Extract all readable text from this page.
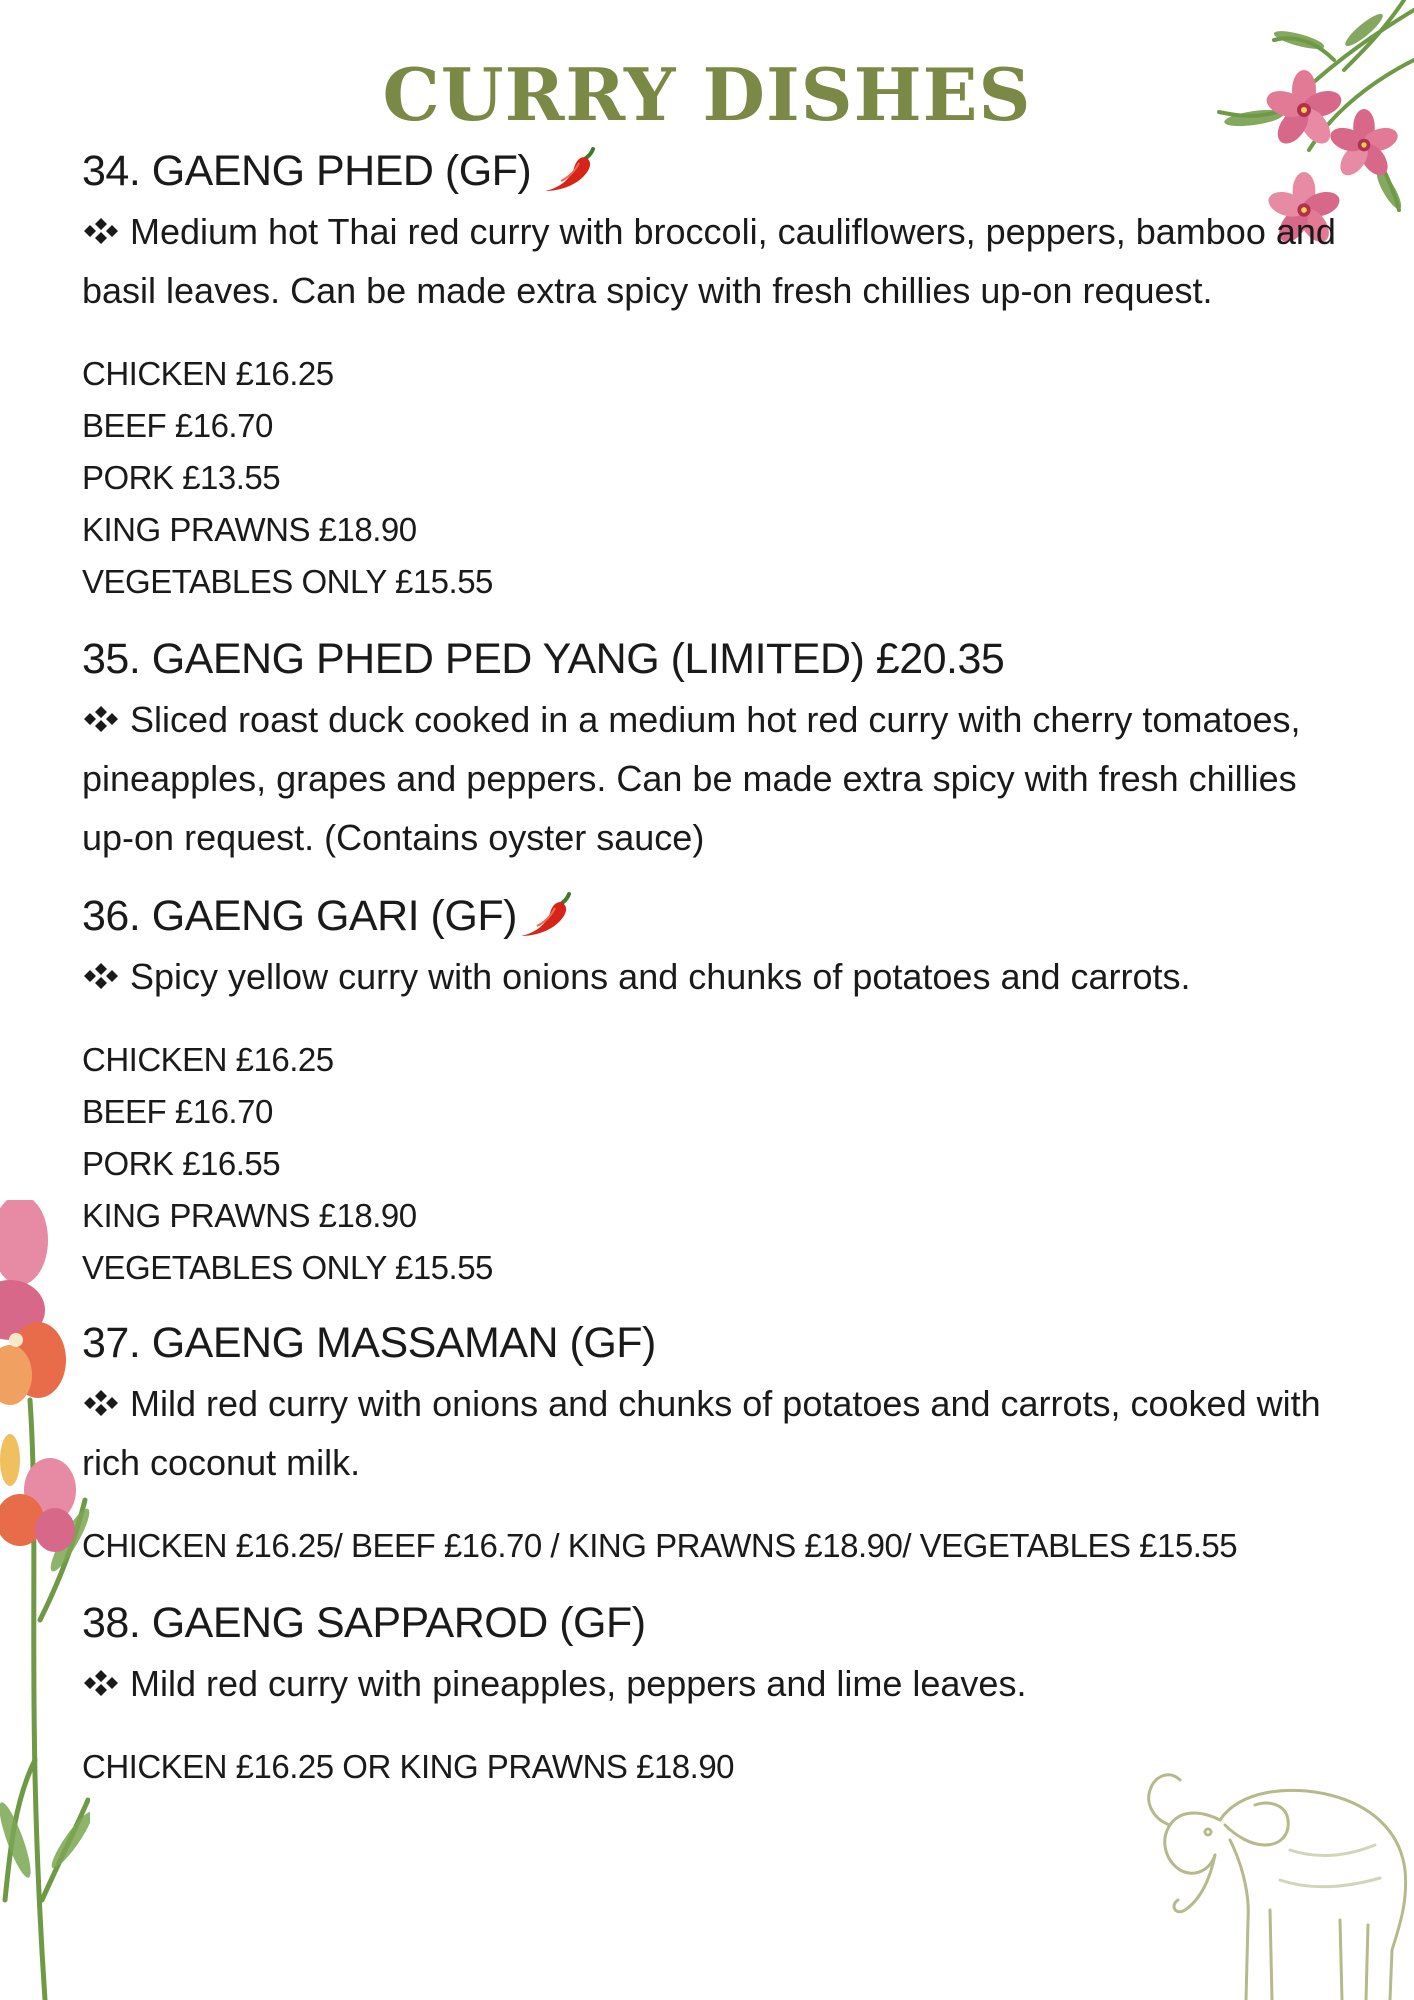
CURRY DISHES
34. GAENG PHED (GF)

Medium hot Thai red curry with broccoli, cauliflowers, peppers, bamboo and basil leaves. Can be made extra spicy with fresh chillies up-on request.

CHICKEN £16.25
BEEF £16.70
PORK £13.55
KING PRAWNS £18.90
VEGETABLES ONLY £15.55
35. GAENG PHED PED YANG (LIMITED) £20.35

Sliced roast duck cooked in a medium hot red curry with cherry tomatoes, pineapples, grapes and peppers. Can be made extra spicy with fresh chillies up-on request. (Contains oyster sauce)

36. GAENG GARI (GF)

Spicy yellow curry with onions and chunks of potatoes and carrots.

CHICKEN £16.25
BEEF £16.70
PORK £16.55
KING PRAWNS £18.90
VEGETABLES ONLY £15.55
37. GAENG MASSAMAN (GF)

Mild red curry with onions and chunks of potatoes and carrots, cooked with rich coconut milk.

CHICKEN £16.25/ BEEF £16.70 / KING PRAWNS £18.90/ VEGETABLES £15.55
38. GAENG SAPPAROD (GF)

Mild red curry with pineapples, peppers and lime leaves.

CHICKEN £16.25 OR KING PRAWNS £18.90
